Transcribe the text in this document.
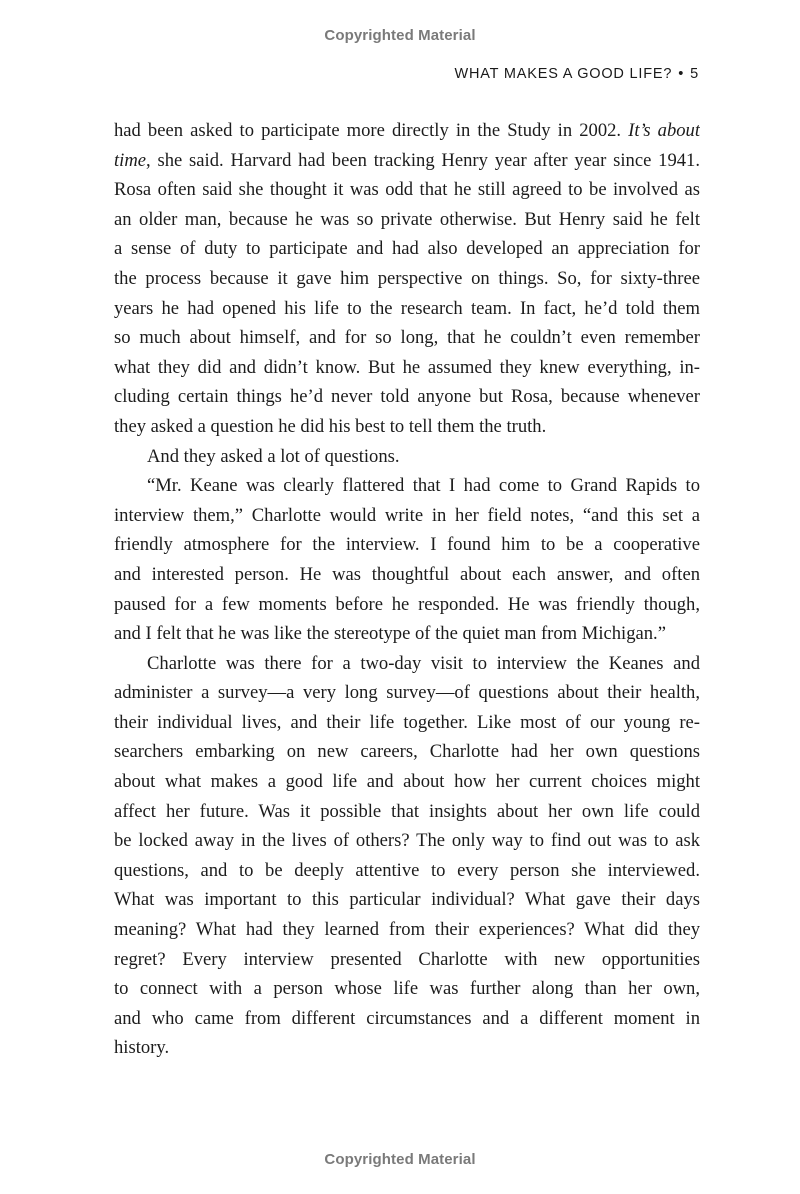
Copyrighted Material
WHAT MAKES A GOOD LIFE? • 5
had been asked to participate more directly in the Study in 2002. It’s about
time, she said. Harvard had been tracking Henry year after year since 1941.
Rosa often said she thought it was odd that he still agreed to be involved as
an older man, because he was so private otherwise. But Henry said he felt
a sense of duty to participate and had also developed an appreciation for
the process because it gave him perspective on things. So, for sixty-three
years he had opened his life to the research team. In fact, he’d told them
so much about himself, and for so long, that he couldn’t even remember
what they did and didn’t know. But he assumed they knew everything, in-
cluding certain things he’d never told anyone but Rosa, because whenever
they asked a question he did his best to tell them the truth.
And they asked a lot of questions.
“Mr. Keane was clearly flattered that I had come to Grand Rapids to
interview them,” Charlotte would write in her field notes, “and this set a
friendly atmosphere for the interview. I found him to be a cooperative
and interested person. He was thoughtful about each answer, and often
paused for a few moments before he responded. He was friendly though,
and I felt that he was like the stereotype of the quiet man from Michigan.”
Charlotte was there for a two-day visit to interview the Keanes and
administer a survey—a very long survey—of questions about their health,
their individual lives, and their life together. Like most of our young re-
searchers embarking on new careers, Charlotte had her own questions
about what makes a good life and about how her current choices might
affect her future. Was it possible that insights about her own life could
be locked away in the lives of others? The only way to find out was to ask
questions, and to be deeply attentive to every person she interviewed.
What was important to this particular individual? What gave their days
meaning? What had they learned from their experiences? What did they
regret? Every interview presented Charlotte with new opportunities
to connect with a person whose life was further along than her own,
and who came from different circumstances and a different moment in
history.
Copyrighted Material
